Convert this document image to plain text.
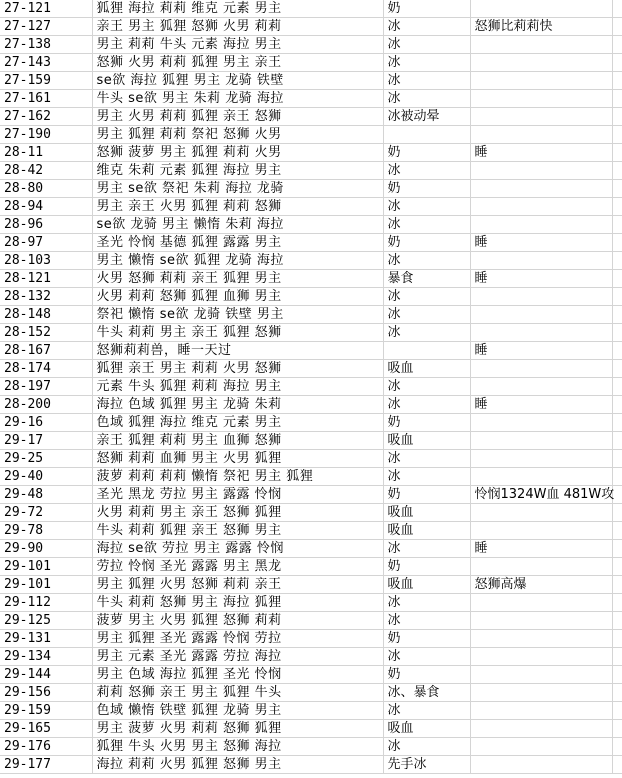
27-121	狐狸 海拉 莉莉 维克 元素 男主	奶		
27-127	亲王 男主 狐狸 怒狮 火男 莉莉	冰	怒狮比莉莉快	
27-138	男主 莉莉 牛头 元素 海拉 男主	冰		
27-143	怒狮 火男 莉莉 狐狸 男主 亲王	冰		
27-159	se欲 海拉 狐狸 男主 龙骑 铁壁	冰		
27-161	牛头 se欲 男主 朱莉 龙骑 海拉	冰		
27-162	男主 火男 莉莉 狐狸 亲王 怒狮	冰被动晕		
27-190	男主 狐狸 莉莉 祭祀 怒狮 火男			
28-11	怒狮 菠萝 男主 狐狸 莉莉 火男	奶	睡	
28-42	维克 朱莉 元素 狐狸 海拉 男主	冰		
28-80	男主 se欲 祭祀 朱莉 海拉 龙骑	奶		
28-94	男主 亲王 火男 狐狸 莉莉 怒狮	冰		
28-96	se欲 龙骑 男主 懒惰 朱莉 海拉	冰		
28-97	圣光 怜悯 基德 狐狸 露露 男主	奶	睡	
28-103	男主 懒惰 se欲 狐狸 龙骑 海拉	冰		
28-121	火男 怒狮 莉莉 亲王 狐狸 男主	暴食	睡	
28-132	火男 莉莉 怒狮 狐狸 血狮 男主	冰		
28-148	祭祀 懒惰 se欲 龙骑 铁壁 男主	冰		
28-152	牛头 莉莉 男主 亲王 狐狸 怒狮	冰		
28-167	怒狮莉莉兽，睡一天过		睡	
28-174	狐狸 亲王 男主 莉莉 火男 怒狮	吸血		
28-197	元素 牛头 狐狸 莉莉 海拉 男主	冰		
28-200	海拉 色域 狐狸 男主 龙骑 朱莉	冰	睡	
29-16	色域 狐狸 海拉 维克 元素 男主	奶		
29-17	亲王 狐狸 莉莉 男主 血狮 怒狮	吸血		
29-25	怒狮 莉莉 血狮 男主 火男 狐狸	冰		
29-40	菠萝 莉莉 莉莉 懒惰 祭祀 男主 狐狸	冰		
29-48	圣光 黑龙 劳拉 男主 露露 怜悯	奶	怜悯1324W血 481W攻	
29-72	火男 莉莉 男主 亲王 怒狮 狐狸	吸血		
29-78	牛头 莉莉 狐狸 亲王 怒狮 男主	吸血		
29-90	海拉 se欲 劳拉 男主 露露 怜悯	冰	睡	
29-101	劳拉 怜悯 圣光 露露 男主 黑龙	奶		
29-101	男主 狐狸 火男 怒狮 莉莉 亲王	吸血	怒狮高爆	
29-112	牛头 莉莉 怒狮 男主 海拉 狐狸	冰		
29-125	菠萝 男主 火男 狐狸 怒狮 莉莉	冰		
29-131	男主 狐狸 圣光 露露 怜悯 劳拉	奶		
29-134	男主 元素 圣光 露露 劳拉 海拉	冰		
29-144	男主 色域 海拉 狐狸 圣光 怜悯	奶		
29-156	莉莉 怒狮 亲王 男主 狐狸 牛头	冰、暴食		
29-159	色域 懒惰 铁壁 狐狸 龙骑 男主	冰		
29-165	男主 菠萝 火男 莉莉 怒狮 狐狸	吸血		
29-176	狐狸 牛头 火男 男主 怒狮 海拉	冰		
29-177	海拉 莉莉 火男 狐狸 怒狮 男主	先手冰		
